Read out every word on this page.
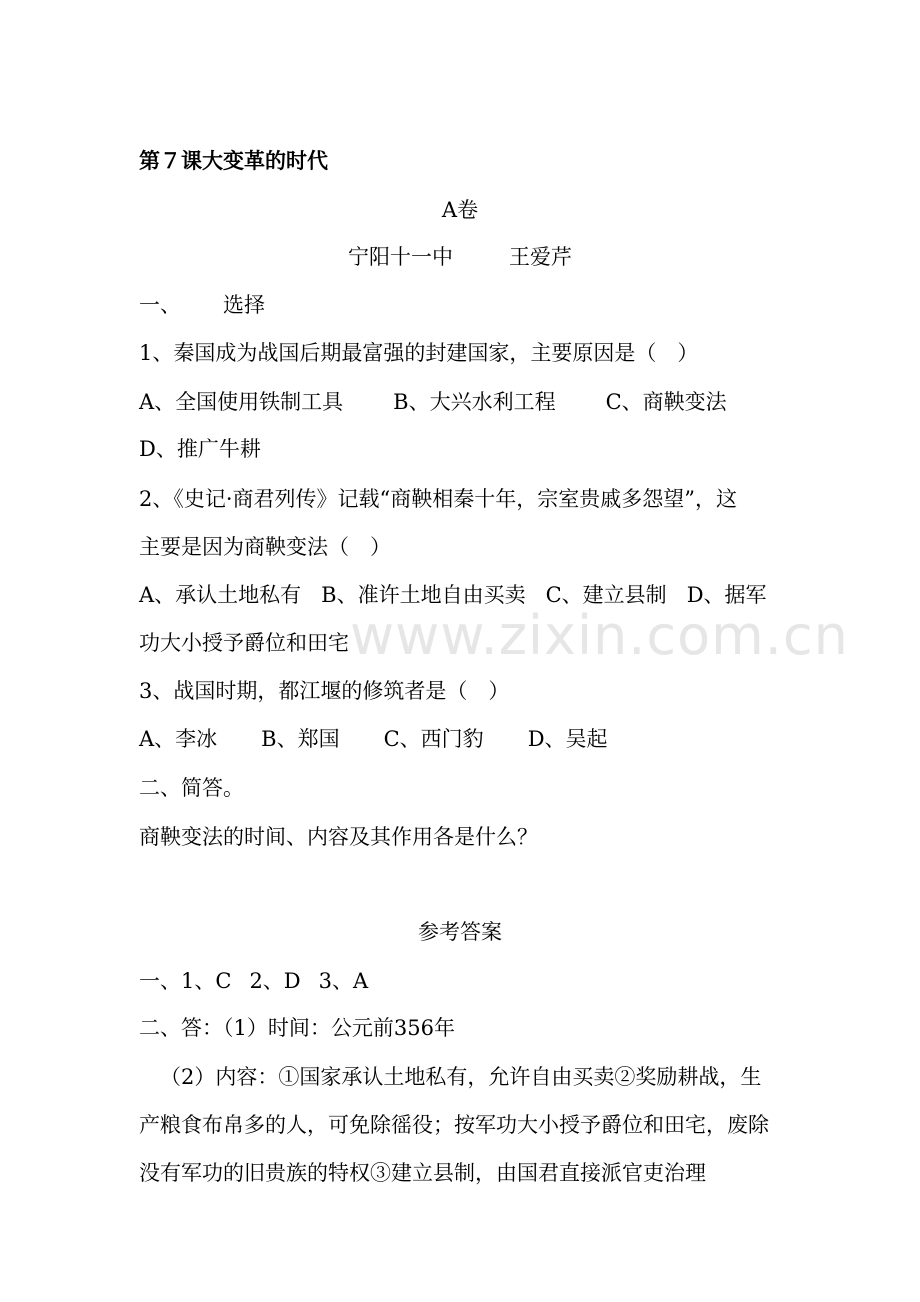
www.zixin.com.cn
第７课大变革的时代
A卷
宁阳十一中	王爱芹
一、 选择
1、秦国成为战国后期最富强的封建国家，主要原因是（　）
A、全国使用铁制工具 B、大兴水利工程 C、商鞅变法
D、推广牛耕
2、《史记·商君列传》记载“商鞅相秦十年，宗室贵戚多怨望”，这
主要是因为商鞅变法（　）
A、承认土地私有 B、准许土地自由买卖 C、建立县制 D、据军
功大小授予爵位和田宅
3、战国时期，都江堰的修筑者是（　）
A、李冰 B、郑国 C、西门豹 D、吴起
二、简答。
商鞅变法的时间、内容及其作用各是什么？
参考答案
一、1、C 2、D 3、A
二、答：（1）时间：公元前356年
（2）内容：①国家承认土地私有，允许自由买卖②奖励耕战，生
产粮食布帛多的人，可免除徭役；按军功大小授予爵位和田宅，废除
没有军功的旧贵族的特权③建立县制，由国君直接派官吏治理
